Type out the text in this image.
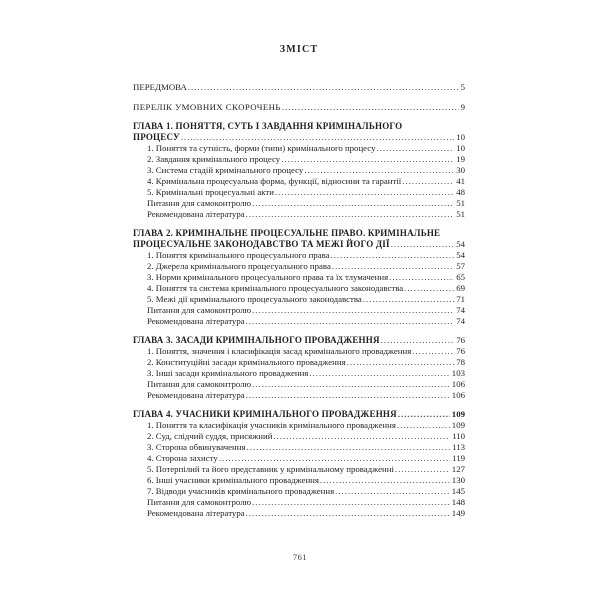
ЗМІСТ
ПЕРЕДМОВА .....	5
ПЕРЕЛІК УМОВНИХ СКОРОЧЕНЬ .....	9
ГЛАВА 1. ПОНЯТТЯ, СУТЬ І ЗАВДАННЯ КРИМІНАЛЬНОГО
ПРОЦЕСУ .....	10
1. Поняття та сутність, форми (типи) кримінального процесу .....	10
2. Завдання кримінального процесу .....	19
3. Система стадій кримінального процесу .....	30
4. Кримінальна процесуальна форма, функції, відносини та гарантії .....	41
5. Кримінальні процесуальні акти .....	48
Питання для самоконтролю .....	51
Рекомендована література .....	51
ГЛАВА 2. КРИМІНАЛЬНЕ ПРОЦЕСУАЛЬНЕ ПРАВО. КРИМІНАЛЬНЕ
ПРОЦЕСУАЛЬНЕ ЗАКОНОДАВСТВО ТА МЕЖІ ЙОГО ДІЇ .....	54
1. Поняття кримінального процесуального права .....	54
2. Джерела кримінального процесуального права .....	57
3. Норми кримінального процесуального права та їх тлумачення .....	65
4. Поняття та система кримінального процесуального законодавства .....	69
5. Межі дії кримінального процесуального законодавства .....	71
Питання для самоконтролю .....	74
Рекомендована література .....	74
ГЛАВА 3. ЗАСАДИ КРИМІНАЛЬНОГО ПРОВАДЖЕННЯ .....	76
1. Поняття, значення і класифікація засад кримінального провадження .....	76
2. Конституційні засади кримінального провадження .....	78
3. Інші засади кримінального провадження .....	103
Питання для самоконтролю .....	106
Рекомендована література .....	106
ГЛАВА 4. УЧАСНИКИ КРИМІНАЛЬНОГО ПРОВАДЖЕННЯ .....	109
1. Поняття та класифікація учасників кримінального провадження .....	109
2. Суд, слідчий суддя, присяжний .....	110
3. Сторона обвинувачення .....	113
4. Сторона захисту .....	119
5. Потерпілий та його представник у кримінальному провадженні .....	127
6. Інші учасники кримінального провадження .....	130
7. Відводи учасників кримінального провадження .....	145
Питання для самоконтролю .....	148
Рекомендована література .....	149
761
